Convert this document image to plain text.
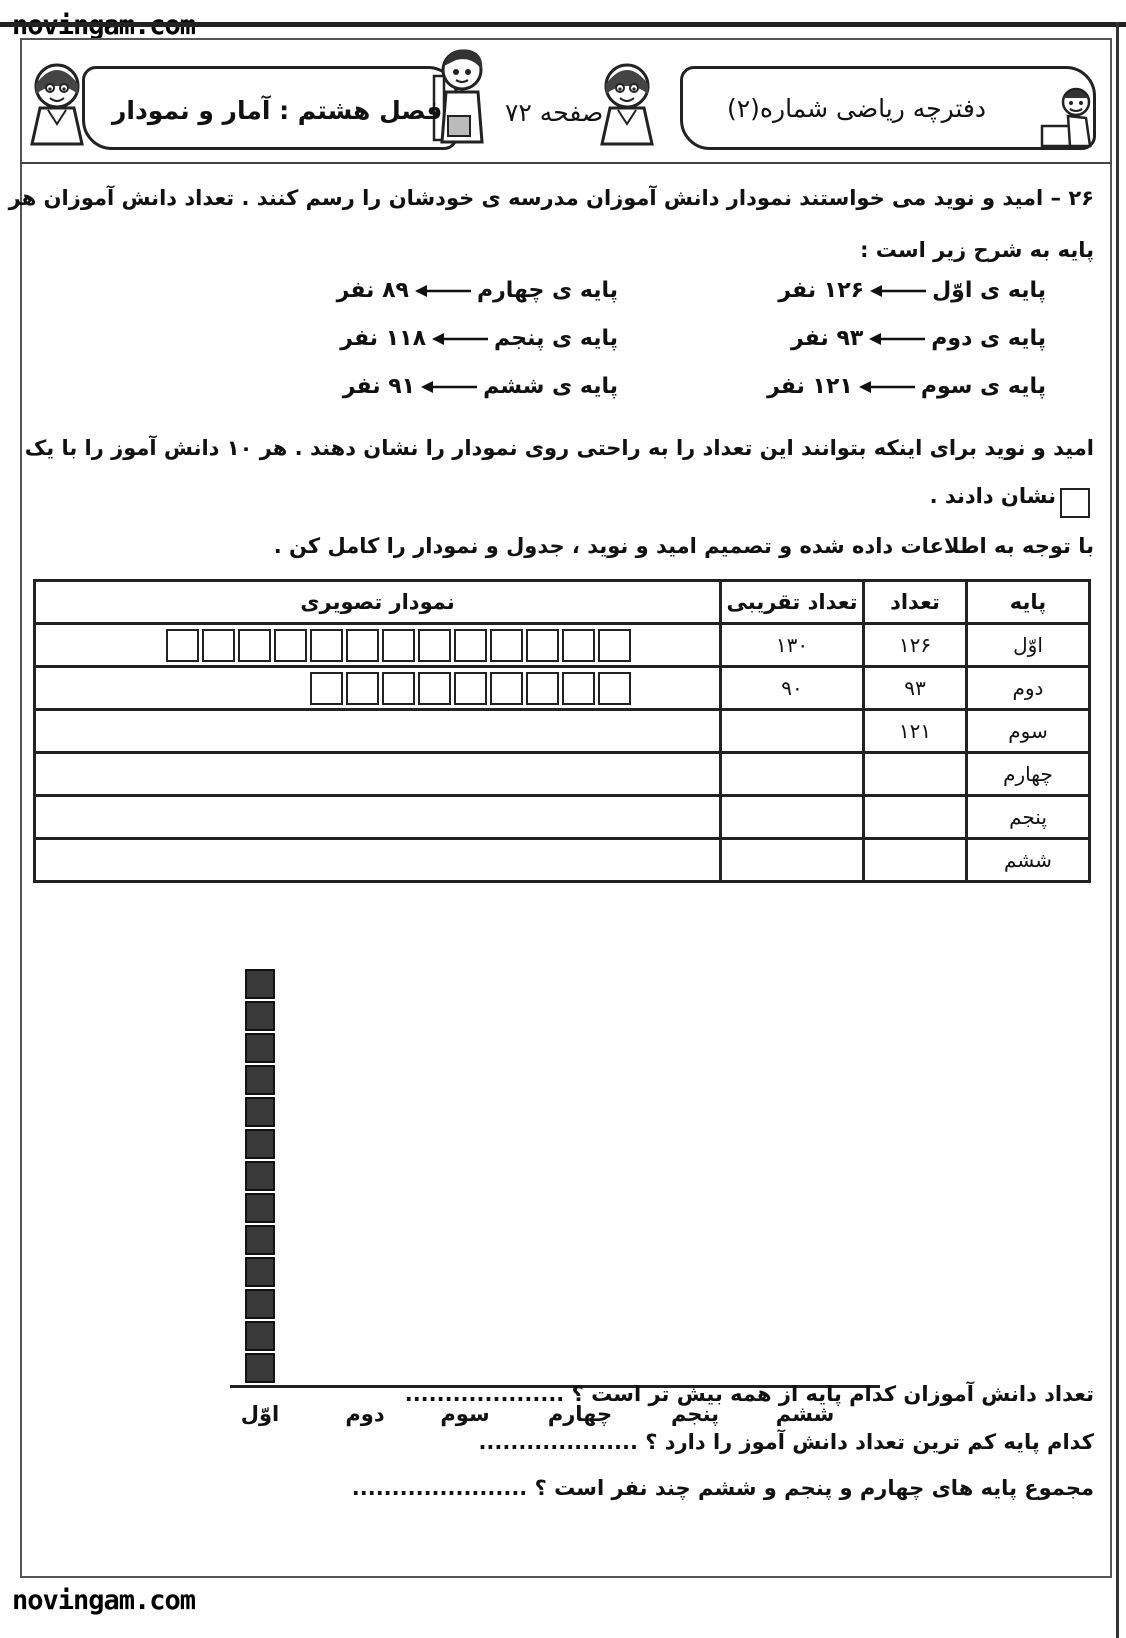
دفترچه ریاضی شماره(۲)
صفحه ۷۲
فصل هشتم : آمار و نمودار
۲۶ – امید و نوید می خواستند نمودار دانش آموزان مدرسه ی خودشان را رسم کنند . تعداد دانش آموزان هر
پایه به شرح زیر است :
پایه ی اوّل۱۲۶ نفر
پایه ی دوم۹۳ نفر
پایه ی سوم۱۲۱ نفر
پایه ی چهارم۸۹ نفر
پایه ی پنجم۱۱۸ نفر
پایه ی ششم۹۱ نفر
امید و نوید برای اینکه بتوانند این تعداد را به راحتی روی نمودار را نشان دهند . هر ۱۰ دانش آموز را با یک
نشان دادند .
با توجه به اطلاعات داده شده و تصمیم امید و نوید ، جدول و نمودار را کامل کن .
پایه	تعداد	تعداد تقریبی	نمودار تصویری
اوّل	۱۲۶	۱۳۰	

دوم	۹۳	۹۰	

سوم	۱۲۱		

چهارم			

پنجم			

ششم			
اوّل	دوم	سوم	چهارم	پنجم	ششم
تعداد دانش آموزان کدام پایه از همه بیش تر است ؟ ....................
کدام پایه کم ترین تعداد دانش آموز را دارد ؟ ....................
مجموع پایه های چهارم و پنجم و ششم چند نفر است ؟ ......................
novingam.com
